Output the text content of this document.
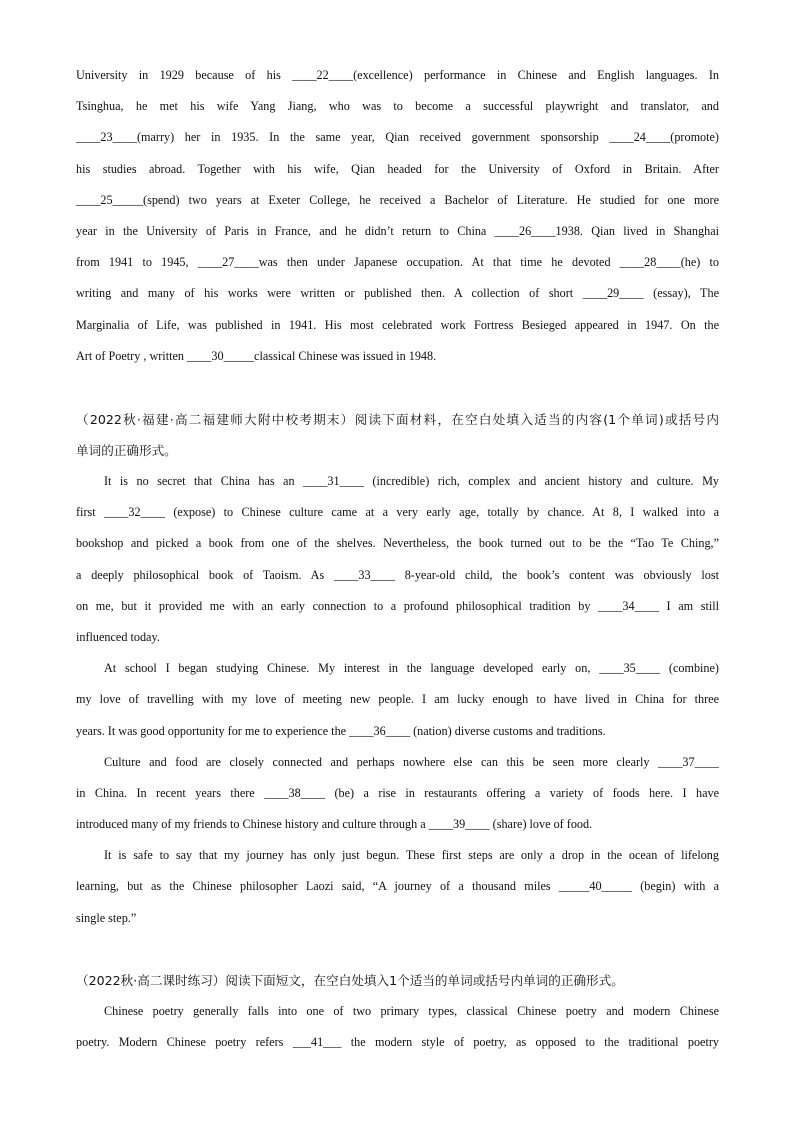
University in 1929 because of his ____22____(excellence) performance in Chinese and English languages. In
Tsinghua, he met his wife Yang Jiang, who was to become a successful playwright and translator, and
____23____(marry) her in 1935. In the same year, Qian received government sponsorship ____24____(promote)
his studies abroad. Together with his wife, Qian headed for the University of Oxford in Britain. After
____25_____(spend) two years at Exeter College, he received a Bachelor of Literature. He studied for one more
year in the University of Paris in France, and he didn’t return to China ____26____1938. Qian lived in Shanghai
from 1941 to 1945, ____27____was then under Japanese occupation. At that time he devoted ____28____(he) to
writing and many of his works were written or published then. A collection of short ____29____ (essay), The
Marginalia of Life, was published in 1941. His most celebrated work Fortress Besieged appeared in 1947. On the
Art of Poetry , written ____30_____classical Chinese was issued in 1948.
（2022秋·福建·高二福建师大附中校考期末）阅读下面材料，在空白处填入适当的内容(1个单词)或括号内
单词的正确形式。
It is no secret that China has an ____31____ (incredible) rich, complex and ancient history and culture. My
first ____32____ (expose) to Chinese culture came at a very early age, totally by chance. At 8, I walked into a
bookshop and picked a book from one of the shelves. Nevertheless, the book turned out to be the “Tao Te Ching,”
a deeply philosophical book of Taoism. As ____33____ 8-year-old child, the book’s content was obviously lost
on me, but it provided me with an early connection to a profound philosophical tradition by ____34____ I am still
influenced today.
At school I began studying Chinese. My interest in the language developed early on, ____35____ (combine)
my love of travelling with my love of meeting new people. I am lucky enough to have lived in China for three
years. It was good opportunity for me to experience the ____36____ (nation) diverse customs and traditions.
Culture and food are closely connected and perhaps nowhere else can this be seen more clearly ____37____
in China. In recent years there ____38____ (be) a rise in restaurants offering a variety of foods here. I have
introduced many of my friends to Chinese history and culture through a ____39____ (share) love of food.
It is safe to say that my journey has only just begun. These first steps are only a drop in the ocean of lifelong
learning, but as the Chinese philosopher Laozi said, “A journey of a thousand miles _____40_____ (begin) with a
single step.”
（2022秋·高二课时练习）阅读下面短文，在空白处填入1个适当的单词或括号内单词的正确形式。
Chinese poetry generally falls into one of two primary types, classical Chinese poetry and modern Chinese
poetry. Modern Chinese poetry refers ___41___ the modern style of poetry, as opposed to the traditional poetry
